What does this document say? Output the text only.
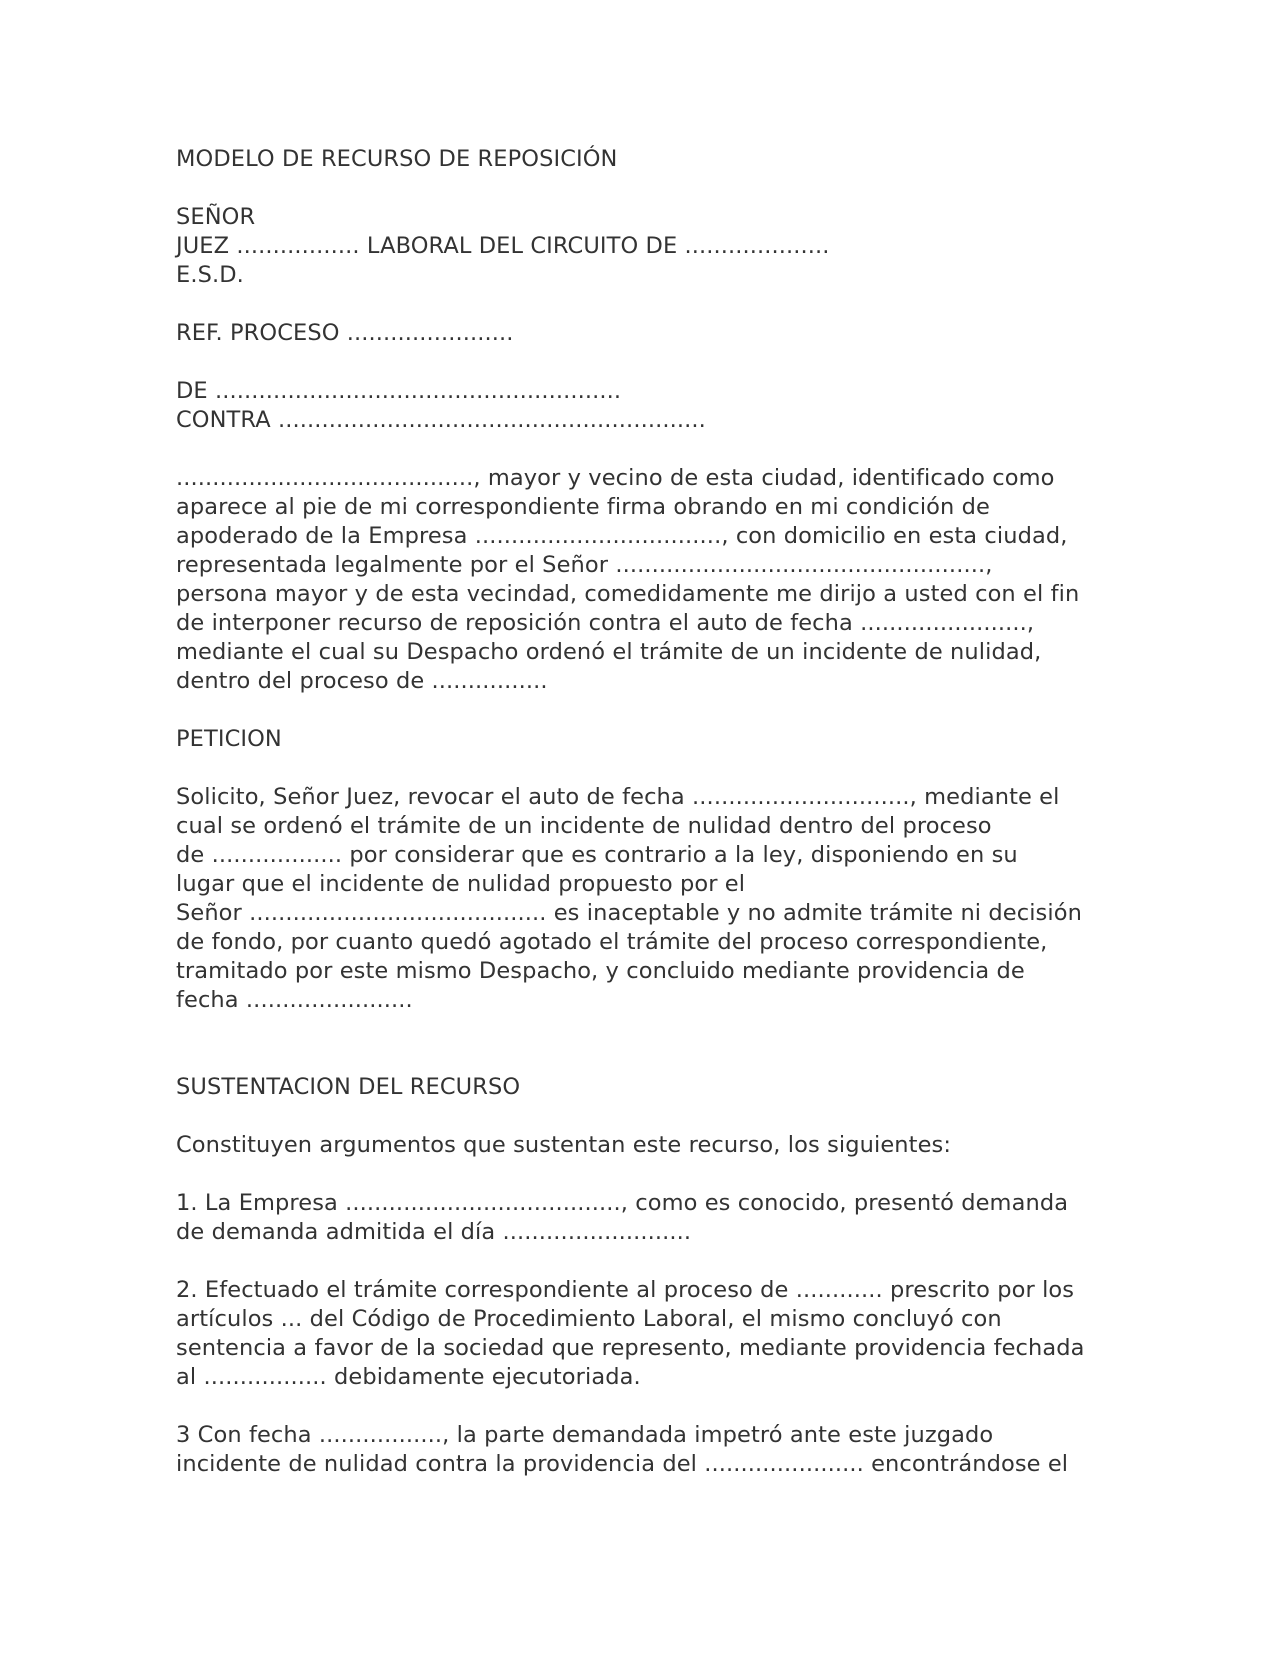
MODELO DE RECURSO DE REPOSICIÓN
SEÑOR
JUEZ ................. LABORAL DEL CIRCUITO DE ....................
E.S.D.
REF. PROCESO .......................
DE ........................................................
CONTRA ...........................................................
........................................., mayor y vecino de esta ciudad, identificado como
aparece al pie de mi correspondiente firma obrando en mi condición de
apoderado de la Empresa .................................., con domicilio en esta ciudad,
representada legalmente por el Señor ...................................................,
persona mayor y de esta vecindad, comedidamente me dirijo a usted con el fin
de interponer recurso de reposición contra el auto de fecha .......................,
mediante el cual su Despacho ordenó el trámite de un incidente de nulidad,
dentro del proceso de ................
PETICION
Solicito, Señor Juez, revocar el auto de fecha .............................., mediante el
cual se ordenó el trámite de un incidente de nulidad dentro del proceso
de .................. por considerar que es contrario a la ley, disponiendo en su
lugar que el incidente de nulidad propuesto por el
Señor ......................................... es inaceptable y no admite trámite ni decisión
de fondo, por cuanto quedó agotado el trámite del proceso correspondiente,
tramitado por este mismo Despacho, y concluido mediante providencia de
fecha .......................
SUSTENTACION DEL RECURSO
Constituyen argumentos que sustentan este recurso, los siguientes:
1. La Empresa ......................................, como es conocido, presentó demanda
de demanda admitida el día ..........................
2. Efectuado el trámite correspondiente al proceso de ............ prescrito por los
artículos ... del Código de Procedimiento Laboral, el mismo concluyó con
sentencia a favor de la sociedad que represento, mediante providencia fechada
al ................. debidamente ejecutoriada.
3 Con fecha ................., la parte demandada impetró ante este juzgado
incidente de nulidad contra la providencia del ...................... encontrándose el
